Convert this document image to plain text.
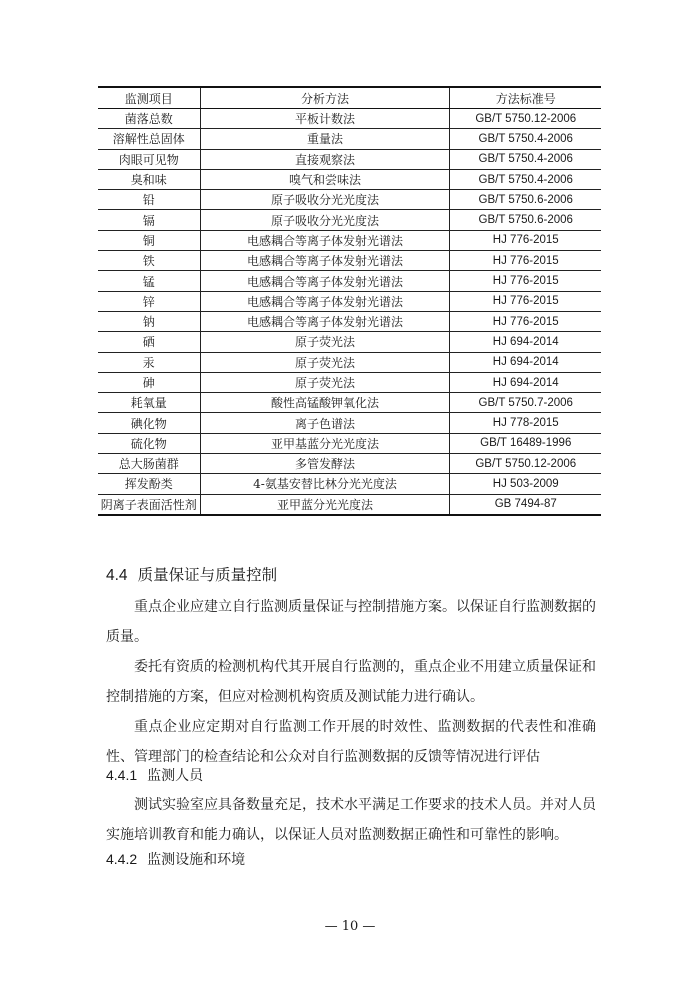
监测项目	分析方法	方法标准号
菌落总数	平板计数法	GB/T 5750.12-2006
溶解性总固体	重量法	GB/T 5750.4-2006
肉眼可见物	直接观察法	GB/T 5750.4-2006
臭和味	嗅气和尝味法	GB/T 5750.4-2006
铅	原子吸收分光光度法	GB/T 5750.6-2006
镉	原子吸收分光光度法	GB/T 5750.6-2006
铜	电感耦合等离子体发射光谱法	HJ 776-2015
铁	电感耦合等离子体发射光谱法	HJ 776-2015
锰	电感耦合等离子体发射光谱法	HJ 776-2015
锌	电感耦合等离子体发射光谱法	HJ 776-2015
钠	电感耦合等离子体发射光谱法	HJ 776-2015
硒	原子荧光法	HJ 694-2014
汞	原子荧光法	HJ 694-2014
砷	原子荧光法	HJ 694-2014
耗氧量	酸性高锰酸钾氧化法	GB/T 5750.7-2006
碘化物	离子色谱法	HJ 778-2015
硫化物	亚甲基蓝分光光度法	GB/T 16489-1996
总大肠菌群	多管发酵法	GB/T 5750.12-2006
挥发酚类	4-氨基安替比林分光光度法	HJ 503-2009
阴离子表面活性剂	亚甲蓝分光光度法	GB 7494-87
4.4 质量保证与质量控制

重点企业应建立自行监测质量保证与控制措施方案。以保证自行监测数据的质量。

委托有资质的检测机构代其开展自行监测的，重点企业不用建立质量保证和控制措施的方案，但应对检测机构资质及测试能力进行确认。

重点企业应定期对自行监测工作开展的时效性、监测数据的代表性和准确性、管理部门的检查结论和公众对自行监测数据的反馈等情况进行评估

4.4.1 监测人员

测试实验室应具备数量充足，技术水平满足工作要求的技术人员。并对人员实施培训教育和能力确认，以保证人员对监测数据正确性和可靠性的影响。

4.4.2 监测设施和环境
— 10 —
